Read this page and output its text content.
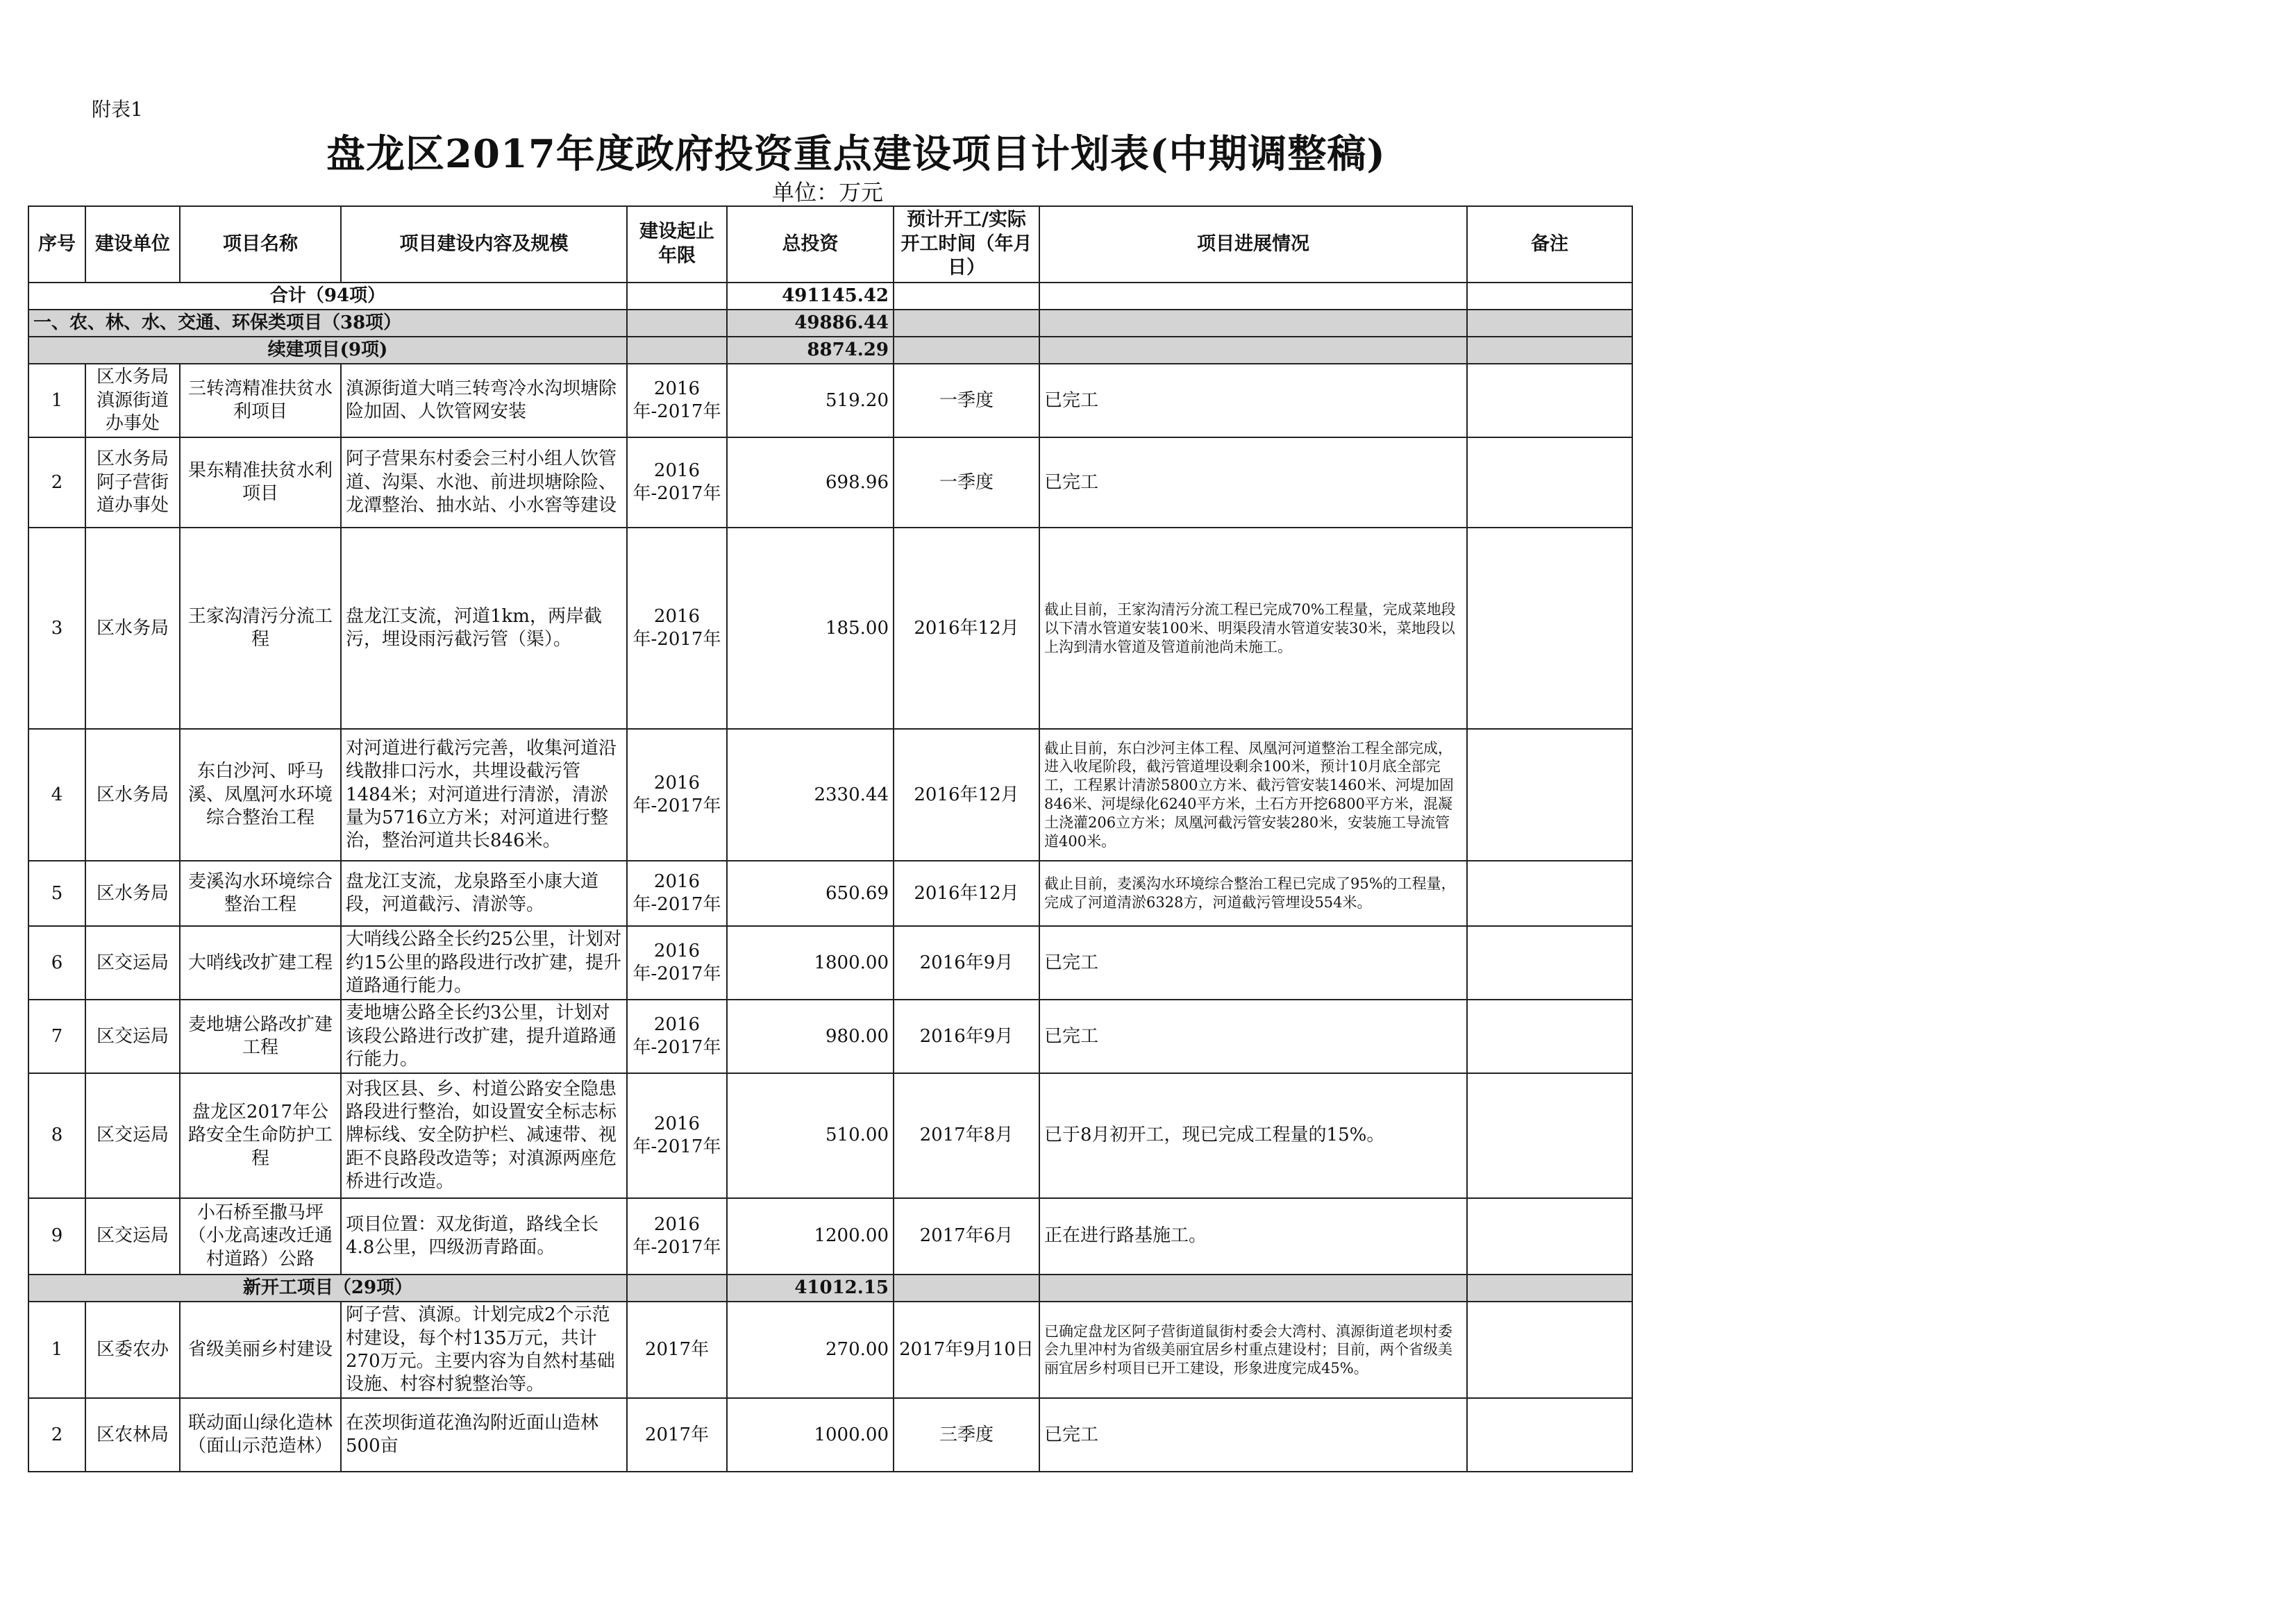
附表1
盘龙区2017年度政府投资重点建设项目计划表(中期调整稿)
单位：万元
序号	建设单位	项目名称	项目建设内容及规模	建设起止年限	总投资	预计开工/实际开工时间（年月日）	项目进展情况	备注
合计（94项）					491145.42			
一、农、林、水、交通、环保类项目（38项）					49886.44			
续建项目(9项)					8874.29			
1	区水务局滇源街道办事处	三转湾精准扶贫水利项目	滇源街道大哨三转弯冷水沟坝塘除险加固、人饮管网安装	2016年-2017年	519.20	一季度	已完工	
2	区水务局阿子营街道办事处	果东精准扶贫水利项目	阿子营果东村委会三村小组人饮管道、沟渠、水池、前进坝塘除险、龙潭整治、抽水站、小水窖等建设	2016年-2017年	698.96	一季度	已完工	
3	区水务局	王家沟清污分流工程	盘龙江支流，河道1km，两岸截污，埋设雨污截污管（渠）。	2016年-2017年	185.00	2016年12月	截止目前，王家沟清污分流工程已完成70%工程量，完成菜地段以下清水管道安装100米、明渠段清水管道安装30米，菜地段以上沟到清水管道及管道前池尚未施工。	
4	区水务局	东白沙河、呼马溪、凤凰河水环境综合整治工程	对河道进行截污完善，收集河道沿线散排口污水，共埋设截污管1484米；对河道进行清淤，清淤量为5716立方米；对河道进行整治，整治河道共长846米。	2016年-2017年	2330.44	2016年12月	截止目前，东白沙河主体工程、凤凰河河道整治工程全部完成，进入收尾阶段，截污管道埋设剩余100米，预计10月底全部完工，工程累计清淤5800立方米、截污管安装1460米、河堤加固846米、河堤绿化6240平方米，土石方开挖6800平方米，混凝土浇灌206立方米；凤凰河截污管安装280米，安装施工导流管道400米。	
5	区水务局	麦溪沟水环境综合整治工程	盘龙江支流，龙泉路至小康大道段，河道截污、清淤等。	2016年-2017年	650.69	2016年12月	截止目前，麦溪沟水环境综合整治工程已完成了95%的工程量，完成了河道清淤6328方，河道截污管埋设554米。	
6	区交运局	大哨线改扩建工程	大哨线公路全长约25公里，计划对约15公里的路段进行改扩建，提升道路通行能力。	2016年-2017年	1800.00	2016年9月	已完工	
7	区交运局	麦地塘公路改扩建工程	麦地塘公路全长约3公里，计划对该段公路进行改扩建，提升道路通行能力。	2016年-2017年	980.00	2016年9月	已完工	
8	区交运局	盘龙区2017年公路安全生命防护工程	对我区县、乡、村道公路安全隐患路段进行整治，如设置安全标志标牌标线、安全防护栏、减速带、视距不良路段改造等；对滇源两座危桥进行改造。	2016年-2017年	510.00	2017年8月	已于8月初开工，现已完成工程量的15%。	
9	区交运局	小石桥至撒马坪（小龙高速改迁通村道路）公路	项目位置：双龙街道，路线全长4.8公里，四级沥青路面。	2016年-2017年	1200.00	2017年6月	正在进行路基施工。	
新开工项目（29项）					41012.15			
1	区委农办	省级美丽乡村建设	阿子营、滇源。计划完成2个示范村建设，每个村135万元，共计270万元。主要内容为自然村基础设施、村容村貌整治等。	2017年	270.00	2017年9月10日	已确定盘龙区阿子营街道鼠街村委会大湾村、滇源街道老坝村委会九里冲村为省级美丽宜居乡村重点建设村；目前，两个省级美丽宜居乡村项目已开工建设，形象进度完成45%。	
2	区农林局	联动面山绿化造林（面山示范造林）	在茨坝街道花渔沟附近面山造林500亩	2017年	1000.00	三季度	已完工	
